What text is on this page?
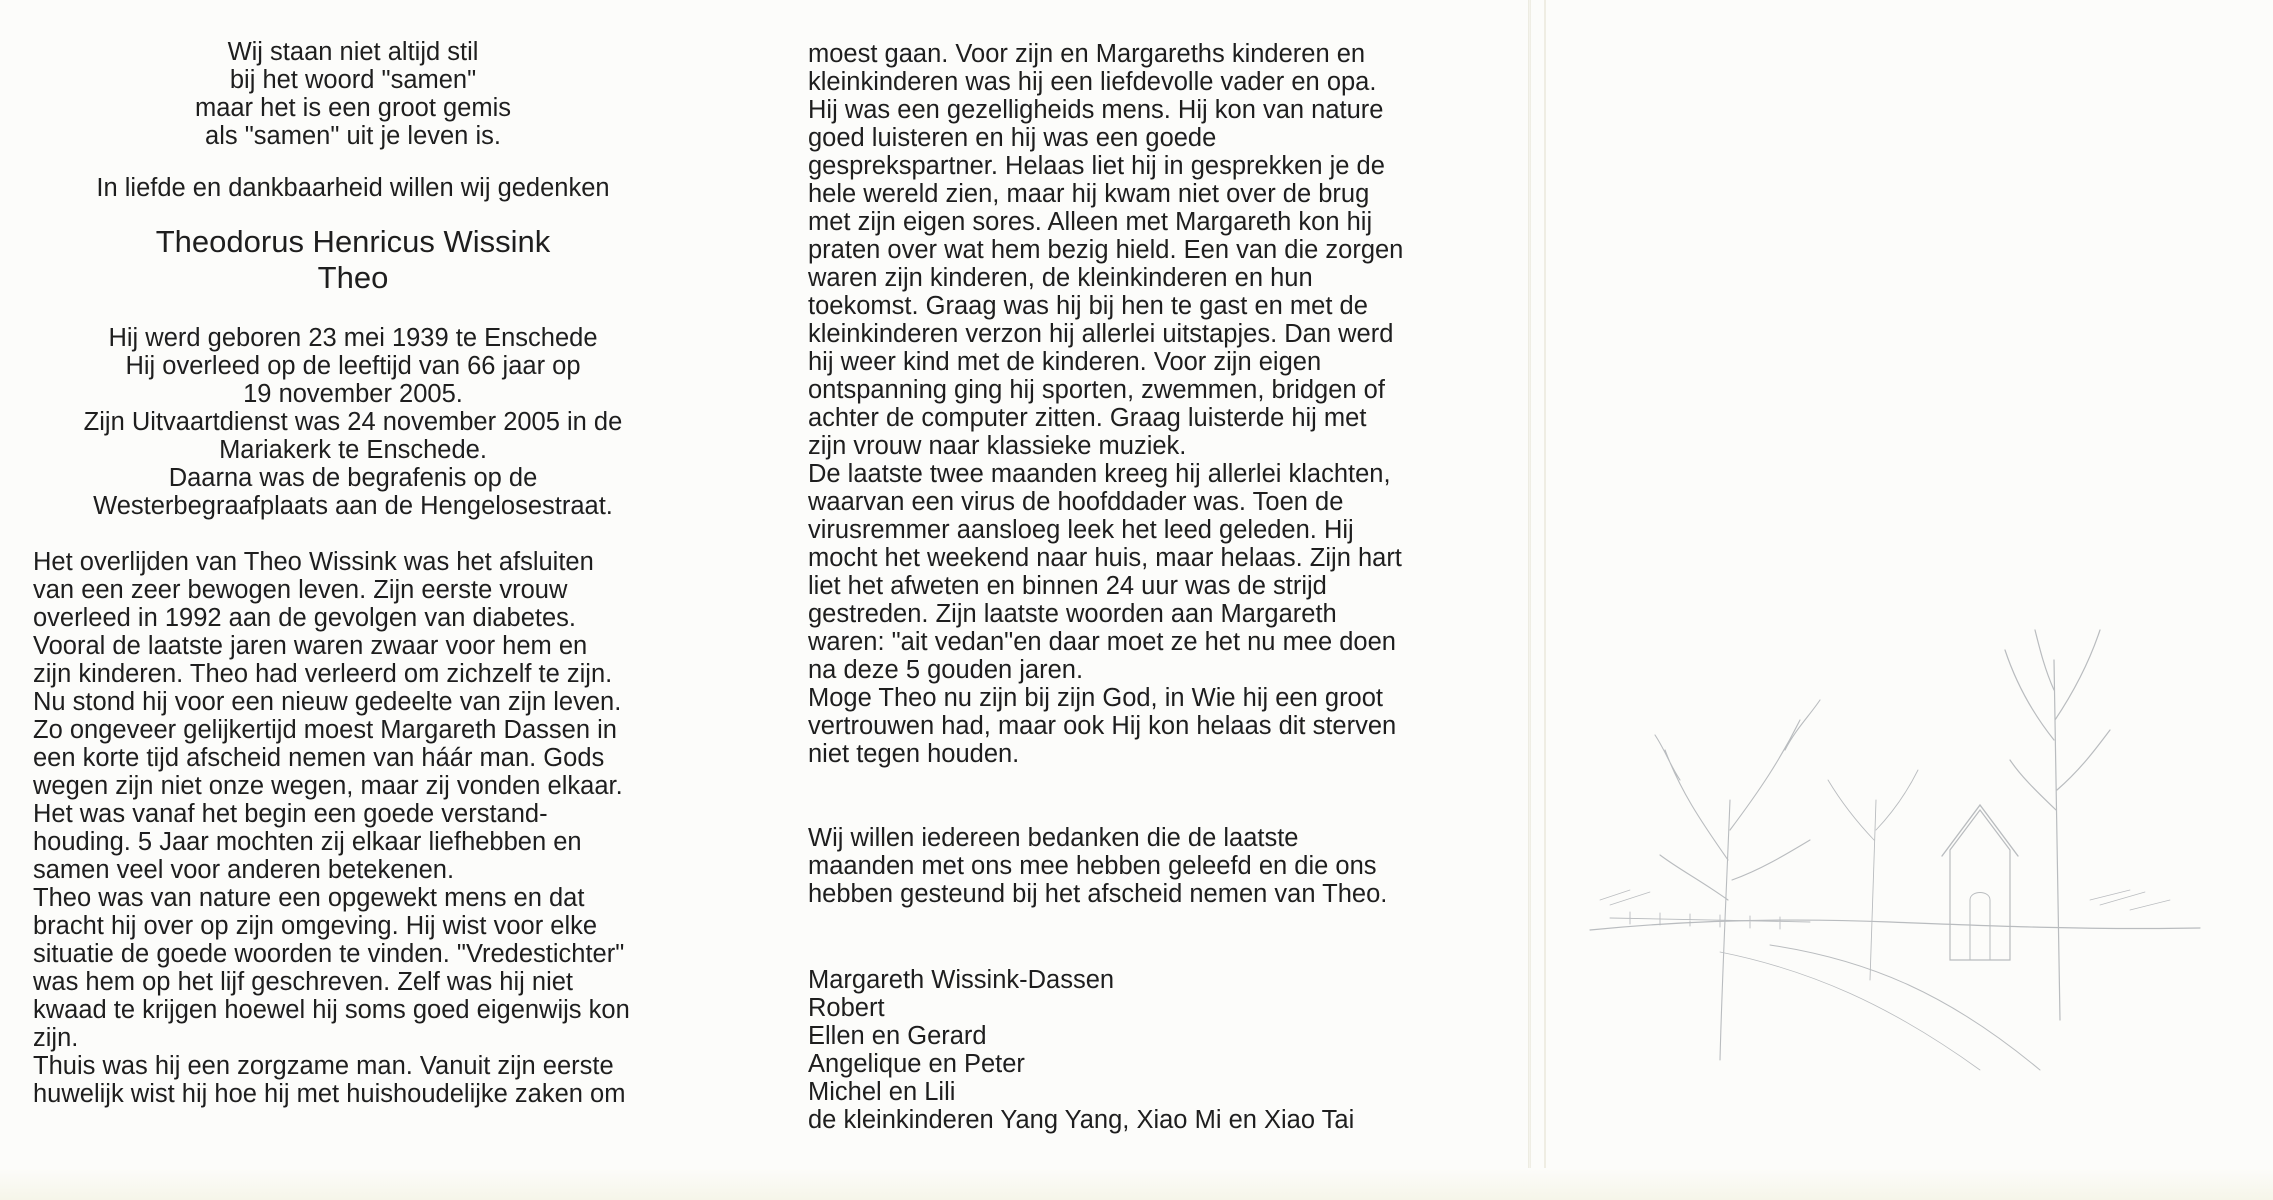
Wij staan niet altijd stil
bij het woord "samen"
maar het is een groot gemis
als "samen" uit je leven is.
In liefde en dankbaarheid willen wij gedenken
Theodorus Henricus Wissink
Theo
Hij werd geboren 23 mei 1939 te Enschede
Hij overleed op de leeftijd van 66 jaar op
19 november 2005.
Zijn Uitvaartdienst was 24 november 2005 in de
Mariakerk te Enschede.
Daarna was de begrafenis op de
Westerbegraafplaats aan de Hengelosestraat.
Het overlijden van Theo Wissink was het afsluiten
van een zeer bewogen leven. Zijn eerste vrouw
overleed in 1992 aan de gevolgen van diabetes.
Vooral de laatste jaren waren zwaar voor hem en
zijn kinderen. Theo had verleerd om zichzelf te zijn.
Nu stond hij voor een nieuw gedeelte van zijn leven.
Zo ongeveer gelijkertijd moest Margareth Dassen in
een korte tijd afscheid nemen van háár man. Gods
wegen zijn niet onze wegen, maar zij vonden elkaar.
Het was vanaf het begin een goede verstand-
houding. 5 Jaar mochten zij elkaar liefhebben en
samen veel voor anderen betekenen.
Theo was van nature een opgewekt mens en dat
bracht hij over op zijn omgeving. Hij wist voor elke
situatie de goede woorden te vinden. "Vredestichter"
was hem op het lijf geschreven. Zelf was hij niet
kwaad te krijgen hoewel hij soms goed eigenwijs kon
zijn.
Thuis was hij een zorgzame man. Vanuit zijn eerste
huwelijk wist hij hoe hij met huishoudelijke zaken om
moest gaan. Voor zijn en Margareths kinderen en
kleinkinderen was hij een liefdevolle vader en opa.
Hij was een gezelligheids mens. Hij kon van nature
goed luisteren en hij was een goede
gesprekspartner. Helaas liet hij in gesprekken je de
hele wereld zien, maar hij kwam niet over de brug
met zijn eigen sores. Alleen met Margareth kon hij
praten over wat hem bezig hield. Een van die zorgen
waren zijn kinderen, de kleinkinderen en hun
toekomst. Graag was hij bij hen te gast en met de
kleinkinderen verzon hij allerlei uitstapjes. Dan werd
hij weer kind met de kinderen. Voor zijn eigen
ontspanning ging hij sporten, zwemmen, bridgen of
achter de computer zitten. Graag luisterde hij met
zijn vrouw naar klassieke muziek.
De laatste twee maanden kreeg hij allerlei klachten,
waarvan een virus de hoofddader was. Toen de
virusremmer aansloeg leek het leed geleden. Hij
mocht het weekend naar huis, maar helaas. Zijn hart
liet het afweten en binnen 24 uur was de strijd
gestreden. Zijn laatste woorden aan Margareth
waren: "ait vedan"en daar moet ze het nu mee doen
na deze 5 gouden jaren.
Moge Theo nu zijn bij zijn God, in Wie hij een groot
vertrouwen had, maar ook Hij kon helaas dit sterven
niet tegen houden.
Wij willen iedereen bedanken die de laatste
maanden met ons mee hebben geleefd en die ons
hebben gesteund bij het afscheid nemen van Theo.
Margareth Wissink-Dassen
Robert
Ellen en Gerard
Angelique en Peter
Michel en Lili
de kleinkinderen Yang Yang, Xiao Mi en Xiao Tai
